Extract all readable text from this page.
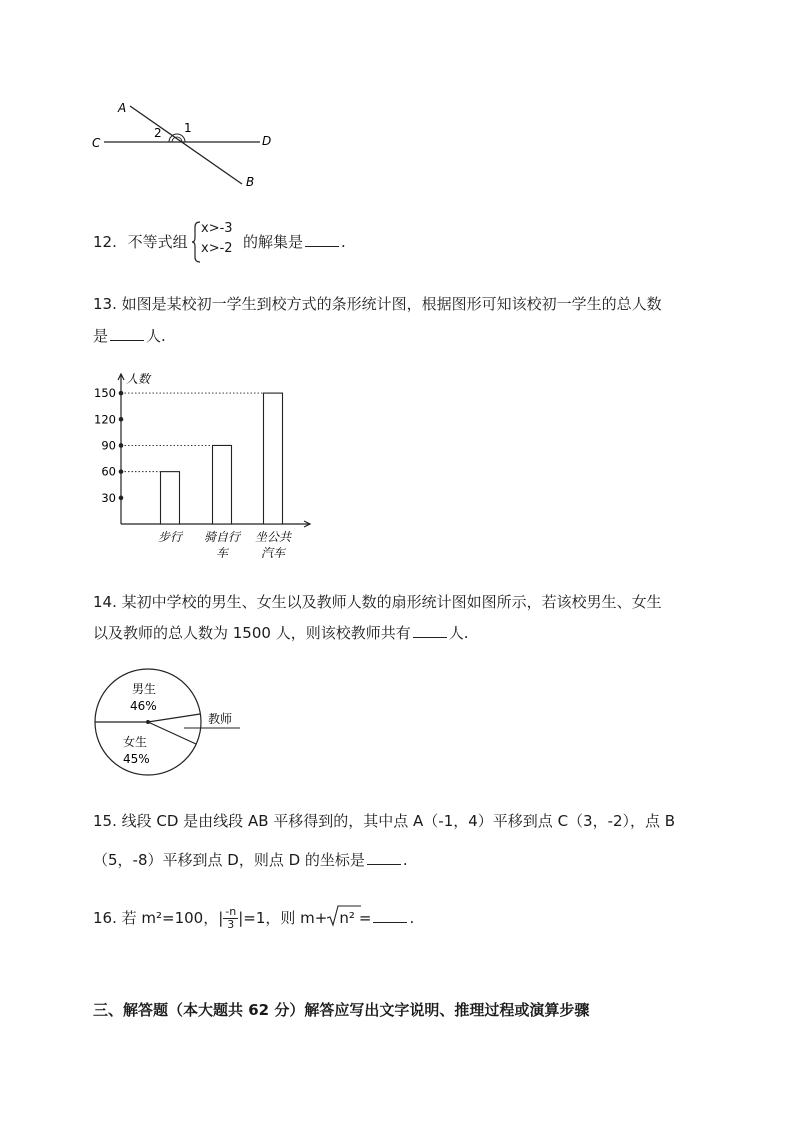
A
B
C	D
1
2
12. 不等式组
x>-3
x>-2 的解集是	.
13. 如图是某校初一学生到校方式的条形统计图，根据图形可知该校初一学生的总人数
是	人.
人数
30
60
90
120
150
步行 骑自行
车
坐公共
汽车
14. 某初中学校的男生、女生以及教师人数的扇形统计图如图所示，若该校男生、女生
以及教师的总人数为 1500 人，则该校教师共有	人.
男生
46%
女生
45%
教师
15. 线段 CD 是由线段 AB 平移得到的，其中点 A（-1，4）平移到点 C（3，-2），点 B
（5，-8）平移到点 D，则点 D 的坐标是	.
16. 若 m²=100，| $\frac{-n}{3} |=1$，则 m+ n² =	.
三、解答题（本大题共 62 分）解答应写出文字说明、推理过程或演算步骤
